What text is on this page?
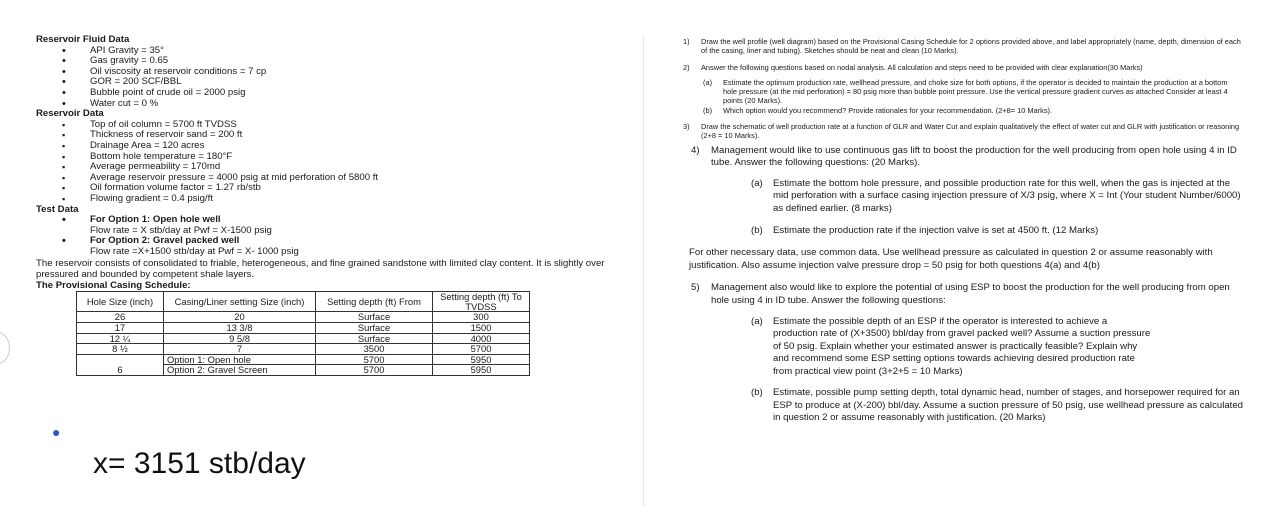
Reservoir Fluid Data
• API Gravity = 35°
• Gas gravity = 0.65
• Oil viscosity at reservoir conditions = 7 cp
• GOR = 200 SCF/BBL
• Bubble point of crude oil = 2000 psig
• Water cut = 0 %
Reservoir Data
▪ Top of oil column = 5700 ft TVDSS
▪ Thickness of reservoir sand = 200 ft
▪ Drainage Area = 120 acres
▪ Bottom hole temperature = 180°F
▪ Average permeability = 170md
▪ Average reservoir pressure = 4000 psig at mid perforation of 5800 ft
▪ Oil formation volume factor = 1.27 rb/stb
▪ Flowing gradient = 0.4 psig/ft
Test Data
• For Option 1: Open hole well
Flow rate = X stb/day at Pwf = X-1500 psig
• For Option 2: Gravel packed well
Flow rate =X+1500 stb/day at Pwf = X- 1000 psig
The reservoir consists of consolidated to friable, heterogeneous, and fine grained sandstone with limited clay content. It is slightly over pressured and bounded by competent shale layers.
The Provisional Casing Schedule:
Hole Size (inch)	Casing/Liner setting Size (inch)	Setting depth (ft) From	Setting depth (ft) To TVDSS
26	20	Surface	300
17	13 3/8	Surface	1500
12 ¼	9 5/8	Surface	4000
8 ½	7	3500	5700
6	Option 1: Open hole	5700	5950
	Option 2: Gravel Screen	5700	5950
●
x= 3151 stb/day
1) Draw the well profile (well diagram) based on the Provisional Casing Schedule for 2 options provided above, and label appropriately (name, depth, dimension of each of the casing, liner and tubing). Sketches should be neat and clean (10 Marks).
2) Answer the following questions based on nodal analysis. All calculation and steps need to be provided with clear explanation(30 Marks)
(a) Estimate the optimum production rate, wellhead pressure, and choke size for both options, if the operator is decided to maintain the production at a bottom hole pressure (at the mid perforation) = 80 psig more than bubble point pressure. Use the vertical pressure gradient curves as attached Consider at least 4 points (20 Marks).
(b) Which option would you recommend? Provide rationales for your recommendation. (2+8= 10 Marks).
3) Draw the schematic of well production rate at a function of GLR and Water Cut and explain qualitatively the effect of water cut and GLR with justification or reasoning (2+8 = 10 Marks).
4) Management would like to use continuous gas lift to boost the production for the well producing from open hole using 4 in ID tube. Answer the following questions: (20 Marks).
(a) Estimate the bottom hole pressure, and possible production rate for this well, when the gas is injected at the mid perforation with a surface casing injection pressure of X/3 psig, where X = Int (Your student Number/6000) as defined earlier. (8 marks)
(b) Estimate the production rate if the injection valve is set at 4500 ft. (12 Marks)
For other necessary data, use common data. Use wellhead pressure as calculated in question 2 or assume reasonably with justification. Also assume injection valve pressure drop = 50 psig for both questions 4(a) and 4(b)
5) Management also would like to explore the potential of using ESP to boost the production for the well producing from open hole using 4 in ID tube. Answer the following questions:
(a) Estimate the possible depth of an ESP if the operator is interested to achieve a production rate of (X+3500) bbl/day from gravel packed well? Assume a suction pressure of 50 psig. Explain whether your estimated answer is practically feasible? Explain why and recommend some ESP setting options towards achieving desired production rate from practical view point (3+2+5 = 10 Marks)
(b) Estimate, possible pump setting depth, total dynamic head, number of stages, and horsepower required for an ESP to produce at (X-200) bbl/day. Assume a suction pressure of 50 psig, use wellhead pressure as calculated in question 2 or assume reasonably with justification. (20 Marks)
